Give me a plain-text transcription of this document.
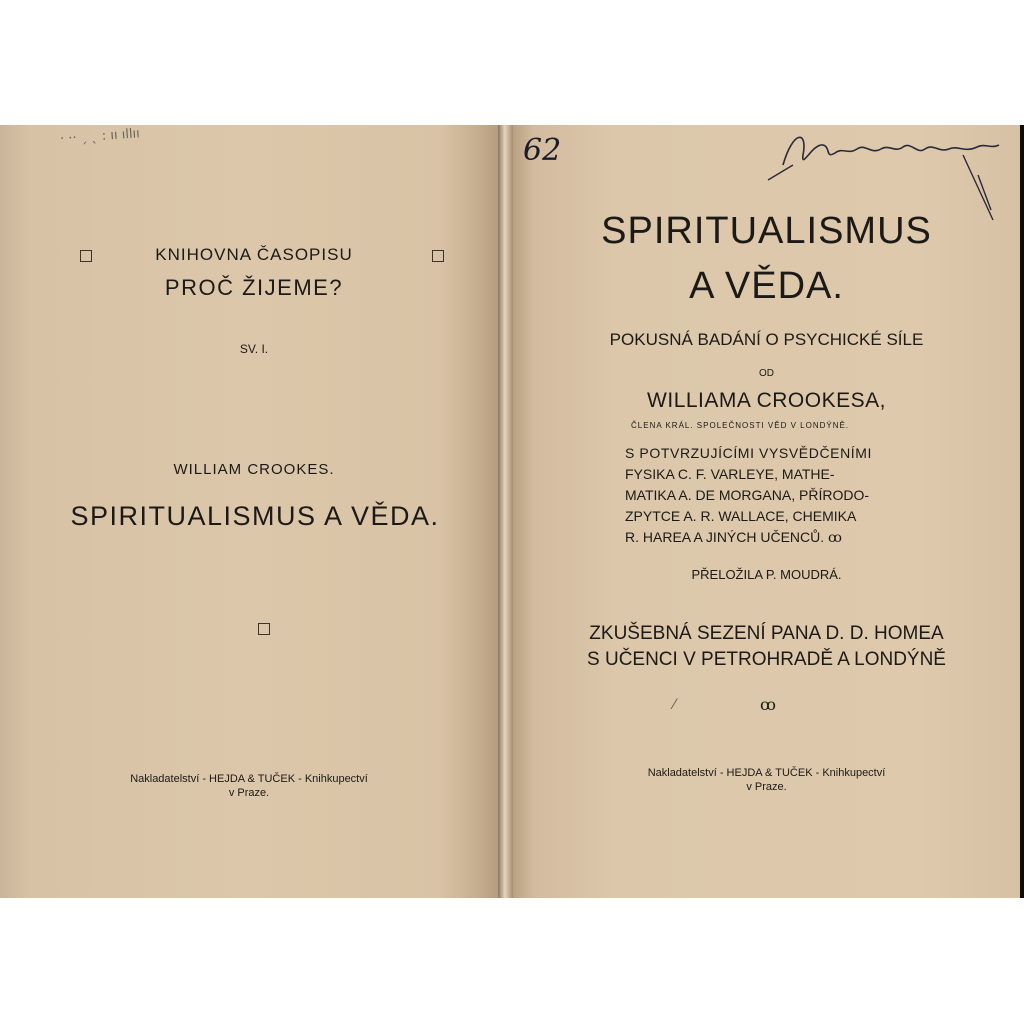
· ·· ˏ ˎ ꞉ ıı ıllıı
KNIHOVNA ČASOPISU
PROČ ŽIJEME?
SV. I.
WILLIAM CROOKES.
SPIRITUALISMUS A VĚDA.
Nakladatelství - HEJDA & TUČEK - Knihkupectví
v Praze.
62
SPIRITUALISMUS
A VĚDA.
POKUSNÁ BADÁNÍ O PSYCHICKÉ SÍLE
OD
WILLIAMA CROOKESA,
ČLENA KRÁL. SPOLEČNOSTI VĚD V LONDÝNĚ.
S POTVRZUJÍCÍMI VYSVĚDČENÍMI
FYSIKA C. F. VARLEYE, MATHE-
MATIKA A. DE MORGANA, PŘÍRODO-
ZPYTCE A. R. WALLACE, CHEMIKA
R. HAREA A JINÝCH UČENCŮ. ꝏ
PŘELOŽILA P. MOUDRÁ.
ZKUŠEBNÁ SEZENÍ PANA D. D. HOMEA
S UČENCI V PETROHRADĚ A LONDÝNĚ
ꝏ
⁄
Nakladatelství - HEJDA & TUČEK - Knihkupectví
v Praze.
